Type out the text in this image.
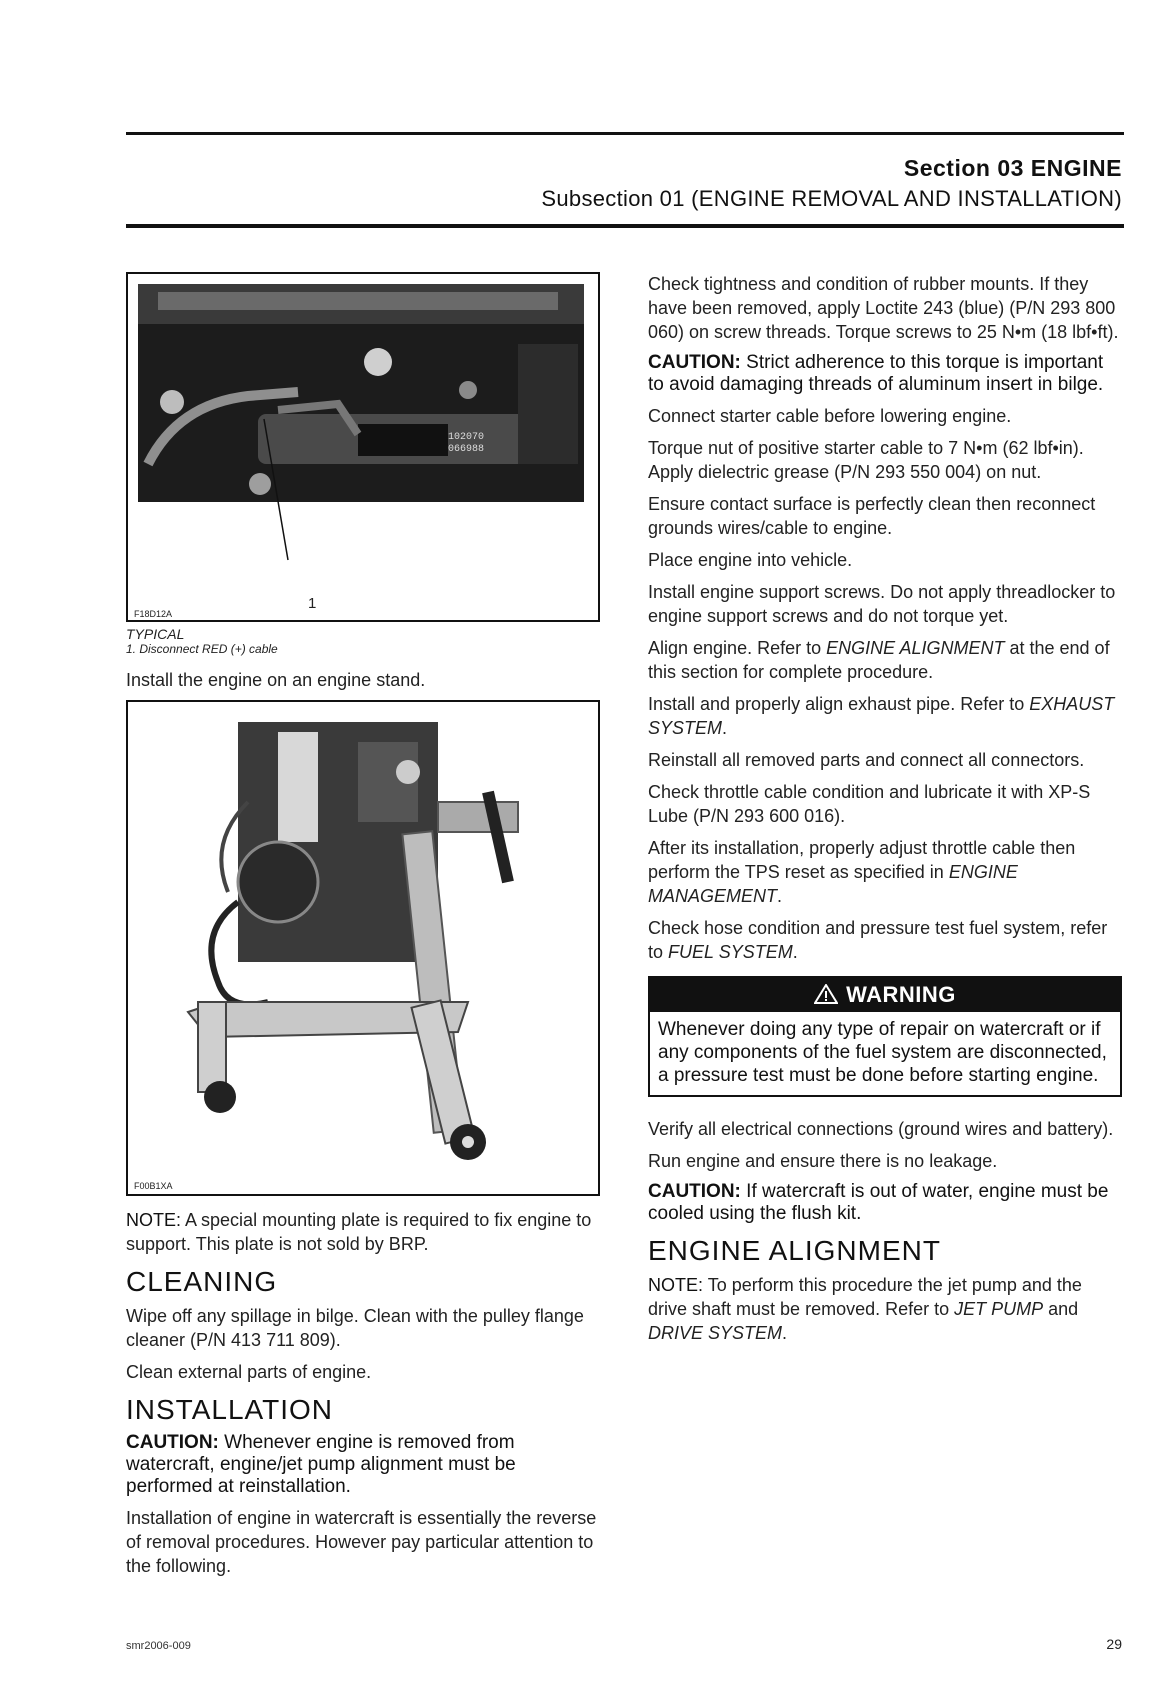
Section 03 ENGINE
Subsection 01 (ENGINE REMOVAL AND INSTALLATION)
102070 066988
F18D12A
1
TYPICAL
1. Disconnect RED (+) cable

Install the engine on an engine stand.

F00B1XA

NOTE: A special mounting plate is required to fix engine to support. This plate is not sold by BRP.

CLEANING

Wipe off any spillage in bilge. Clean with the pulley flange cleaner (P/N 413 711 809).

Clean external parts of engine.

INSTALLATION

CAUTION: Whenever engine is removed from watercraft, engine/jet pump alignment must be performed at reinstallation.

Installation of engine in watercraft is essentially the reverse of removal procedures. However pay particular attention to the following.

Check tightness and condition of rubber mounts. If they have been removed, apply Loctite 243 (blue) (P/N 293 800 060) on screw threads. Torque screws to 25 N•m (18 lbf•ft).

CAUTION: Strict adherence to this torque is important to avoid damaging threads of aluminum insert in bilge.

Connect starter cable before lowering engine.

Torque nut of positive starter cable to 7 N•m (62 lbf•in). Apply dielectric grease (P/N 293 550 004) on nut.

Ensure contact surface is perfectly clean then reconnect grounds wires/cable to engine.

Place engine into vehicle.

Install engine support screws. Do not apply threadlocker to engine support screws and do not torque yet.

Align engine. Refer to ENGINE ALIGNMENT at the end of this section for complete procedure.

Install and properly align exhaust pipe. Refer to EXHAUST SYSTEM.

Reinstall all removed parts and connect all connectors.

Check throttle cable condition and lubricate it with XP-S Lube (P/N 293 600 016).

After its installation, properly adjust throttle cable then perform the TPS reset as specified in ENGINE MANAGEMENT.

Check hose condition and pressure test fuel system, refer to FUEL SYSTEM.

WARNING
Whenever doing any type of repair on watercraft or if any components of the fuel system are disconnected, a pressure test must be done before starting engine.

Verify all electrical connections (ground wires and battery).

Run engine and ensure there is no leakage.

CAUTION: If watercraft is out of water, engine must be cooled using the flush kit.

ENGINE ALIGNMENT

NOTE: To perform this procedure the jet pump and the drive shaft must be removed. Refer to JET PUMP and DRIVE SYSTEM.

smr2006-009	29
